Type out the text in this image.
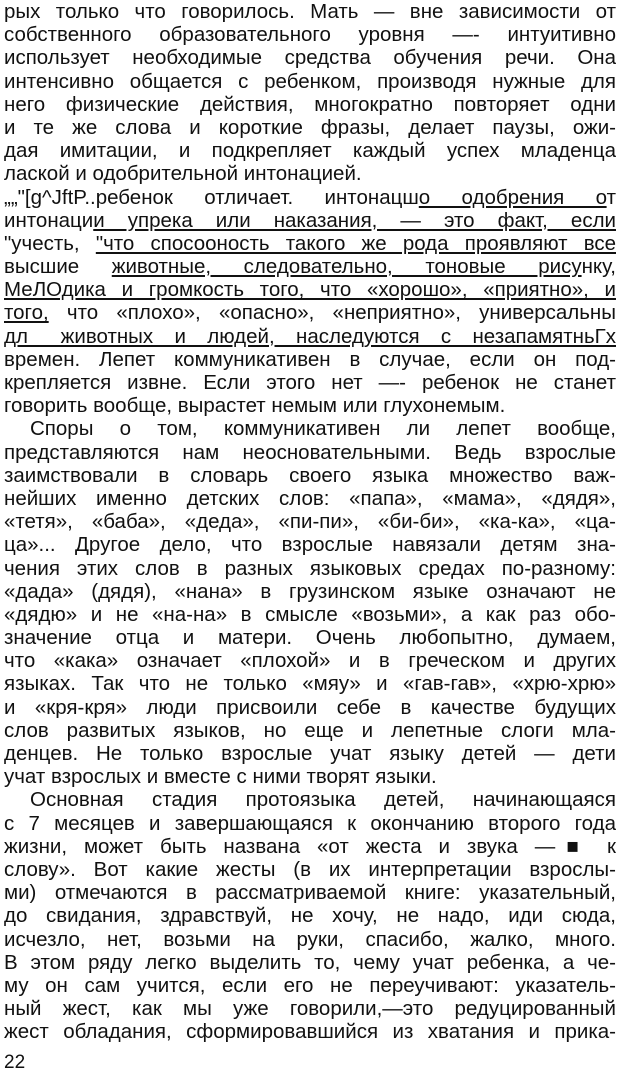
рых только что говорилось. Мать — вне зависимости от
собственного образовательного уровня —- интуитивно
использует необходимые средства обучения речи. Она
интенсивно общается с ребенком, производя нужные для
него физические действия, многократно повторяет одни
и те же слова и короткие фразы, делает паузы, ожи-
дая имитации, и подкрепляет каждый успех младенца
лаской и одобрительной интонацией.
„„"[g^JftP..ребенок отличает. интонацшо одобрения от
интонации упрека или наказания, — это факт, если
"учесть, "что спосооность такого же рода проявляют все
высшие животные, следовательно, тоновые рисунку,
МеЛОдика и громкость того, что «хорошо», «приятно», и
того, что «плохо», «опасно», «неприятно», универсальны
дл_ животных и людей, наследуются с незапамятньГх
времен. Лепет коммуникативен в случае, если он под-
крепляется извне. Если этого нет —- ребенок не станет
говорить вообще, вырастет немым или глухонемым.
Споры о том, коммуникативен ли лепет вообще,
представляются нам неосновательными. Ведь взрослые
заимствовали в словарь своего языка множество важ-
нейших именно детских слов: «папа», «мама», «дядя»,
«тетя», «баба», «деда», «пи-пи», «би-би», «ка-ка», «ца-
ца»... Другое дело, что взрослые навязали детям зна-
чения этих слов в разных языковых средах по-разному:
«дада» (дядя), «нана» в грузинском языке означают не
«дядю» и не «на-на» в смысле «возьми», а как раз обо-
значение отца и матери. Очень любопытно, думаем,
что «кака» означает «плохой» и в греческом и других
языках. Так что не только «мяу» и «гав-гав», «хрю-хрю»
и «кря-кря» люди присвоили себе в качестве будущих
слов развитых языков, но еще и лепетные слоги мла-
денцев. Не только взрослые учат языку детей — дети
учат взрослых и вместе с ними творят языки.
Основная стадия протоязыка детей, начинающаяся
с 7 месяцев и завершающаяся к окончанию второго года
жизни, может быть названа «от жеста и звука —■ к
слову». Вот какие жесты (в их интерпретации взрослы-
ми) отмечаются в рассматриваемой книге: указательный,
до свидания, здравствуй, не хочу, не надо, иди сюда,
исчезло, нет, возьми на руки, спасибо, жалко, много.
В этом ряду легко выделить то, чему учат ребенка, а че-
му он сам учится, если его не переучивают: указатель-
ный жест, как мы уже говорили,—это редуцированный
жест обладания, сформировавшийся из хватания и прика-
22
